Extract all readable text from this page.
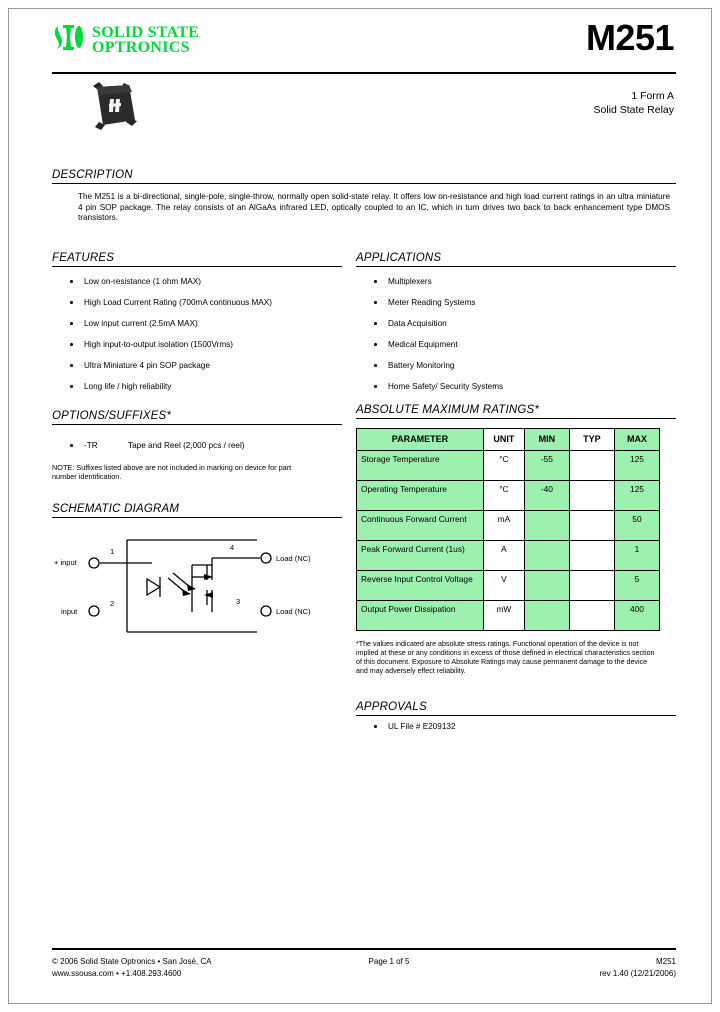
SOLID STATE
OPTRONICS	M251
1 Form A
Solid State Relay
DESCRIPTION

The M251 is a bi-directional, single-pole, single-throw, normally open solid-state relay. It offers low on-resistance and high load current ratings in an ultra miniature 4 pin SOP package. The relay consists of an AlGaAs infrared LED, optically coupled to an IC, which in turn drives two back to back enhancement type DMOS transistors.

FEATURES
Low on-resistance (1 ohm MAX)
High Load Current Rating (700mA continuous MAX)
Low input current (2.5mA MAX)
High input-to-output isolation (1500Vrms)
Ultra Miniature 4 pin SOP package
Long life / high reliability
OPTIONS/SUFFIXES*
-TR	Tape and Reel (2,000 pcs / reel)
NOTE: Suffixes listed above are not included in marking on device for part number identification.
SCHEMATIC DIAGRAM
+ input
1
input
2
4
Load (NC)
3
Load (NC)
APPLICATIONS
Multiplexers
Meter Reading Systems
Data Acquisition
Medical Equipment
Battery Monitoring
Home Safety/ Security Systems
ABSOLUTE MAXIMUM RATINGS*
PARAMETER	UNIT	MIN	TYP	MAX
Storage Temperature	°C	-55		125
Operating Temperature	°C	-40		125
Continuous Forward Current	mA			50
Peak Forward Current (1us)	A			1
Reverse Input Control Voltage	V			5
Output Power Dissipation	mW			400
*The values indicated are absolute stress ratings. Functional operation of the device is not implied at these or any conditions in excess of those defined in electrical characteristics section of this document. Exposure to Absolute Ratings may cause permanent damage to the device and may adversely effect reliability.
APPROVALS
UL File # E209132
© 2006 Solid State Optronics • San José, CA
www.ssousa.com • +1.408.293.4600
Page 1 of 5	M251
rev 1.40 (12/21/2006)
